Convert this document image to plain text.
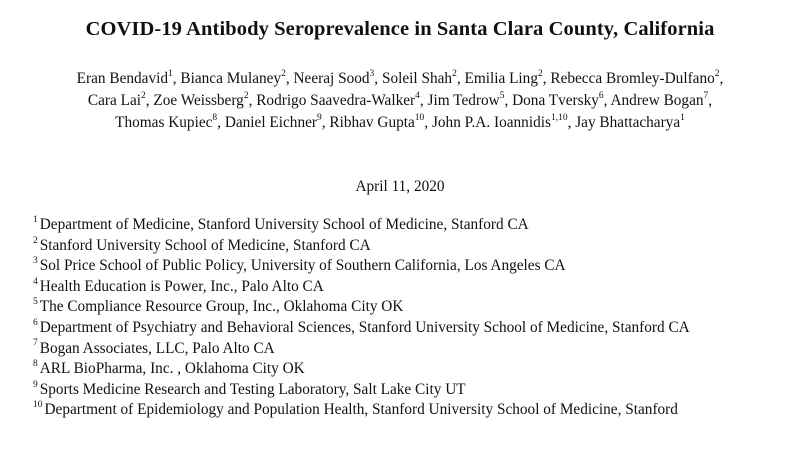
COVID-19 Antibody Seroprevalence in Santa Clara County, California
Eran Bendavid$^1$, Bianca Mulaney$^2$, Neeraj Sood$^3$, Soleil Shah$^2$, Emilia Ling$^2$, Rebecca Bromley-Dulfano$^2$,
Cara Lai$^2$, Zoe Weissberg$^2$, Rodrigo Saavedra-Walker$^4$, Jim Tedrow$^5$, Dona Tversky$^6$, Andrew Bogan$^7$,
Thomas Kupiec$^8$, Daniel Eichner$^9$, Ribhav Gupta$^{10}$, John P.A. Ioannidis$^{1,10}$, Jay Bhattacharya$^1$
April 11, 2020
$^1$ Department of Medicine, Stanford University School of Medicine, Stanford CA
$^2$ Stanford University School of Medicine, Stanford CA
$^3$ Sol Price School of Public Policy, University of Southern California, Los Angeles CA
$^4$ Health Education is Power, Inc., Palo Alto CA
$^5$ The Compliance Resource Group, Inc., Oklahoma City OK
$^6$ Department of Psychiatry and Behavioral Sciences, Stanford University School of Medicine, Stanford CA
$^7$ Bogan Associates, LLC, Palo Alto CA
$^8$ ARL BioPharma, Inc. , Oklahoma City OK
$^9$ Sports Medicine Research and Testing Laboratory, Salt Lake City UT
$^{10}$ Department of Epidemiology and Population Health, Stanford University School of Medicine, Stanford
